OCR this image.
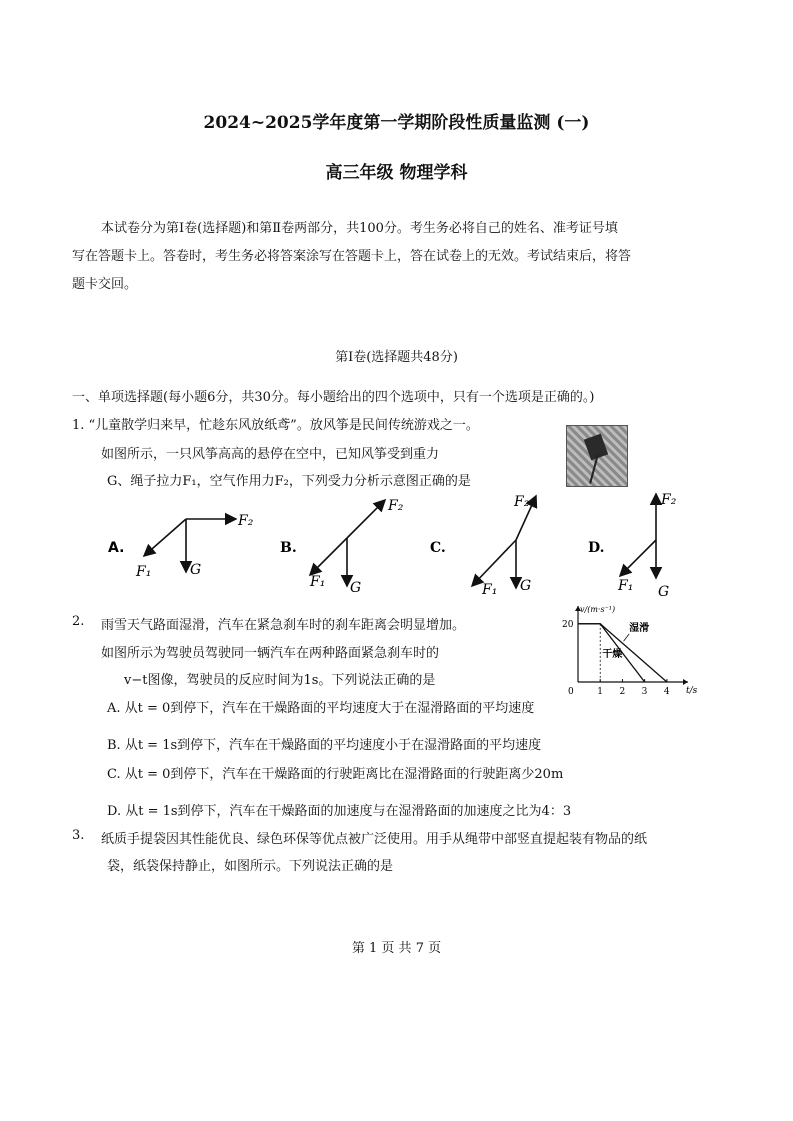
2024~2025学年度第一学期阶段性质量监测 (一)
高三年级 物理学科
本试卷分为第Ⅰ卷(选择题)和第Ⅱ卷两部分，共100分。考生务必将自己的姓名、准考证号填
写在答题卡上。答卷时，考生务必将答案涂写在答题卡上，答在试卷上的无效。考试结束后，将答
题卡交回。
第Ⅰ卷(选择题共48分)
一、单项选择题(每小题6分，共30分。每小题给出的四个选项中，只有一个选项是正确的。)
1. “儿童散学归来早，忙趁东风放纸鸢”。放风筝是民间传统游戏之一。
如图所示，一只风筝高高的悬停在空中，已知风筝受到重力
G、绳子拉力F₁，空气作用力F₂，下列受力分析示意图正确的是
A.
F₂
G
F₁
B.
F₂
G
F₁
C.
F₂
G
F₁
D.
F₂
G
F₁
2. 雨雪天气路面湿滑，汽车在紧急刹车时的刹车距离会明显增加。
如图所示为驾驶员驾驶同一辆汽车在两种路面紧急刹车时的
v−t图像，驾驶员的反应时间为1s。下列说法正确的是
v/(m·s⁻¹)
t/s
0	1 2 3 4
20
干燥
湿滑
A. 从t = 0到停下，汽车在干燥路面的平均速度大于在湿滑路面的平均速度
B. 从t = 1s到停下，汽车在干燥路面的平均速度小于在湿滑路面的平均速度
C. 从t = 0到停下，汽车在干燥路面的行驶距离比在湿滑路面的行驶距离少20m
D. 从t = 1s到停下，汽车在干燥路面的加速度与在湿滑路面的加速度之比为4：3
3. 纸质手提袋因其性能优良、绿色环保等优点被广泛使用。用手从绳带中部竖直提起装有物品的纸
袋，纸袋保持静止，如图所示。下列说法正确的是
第 1 页 共 7 页
